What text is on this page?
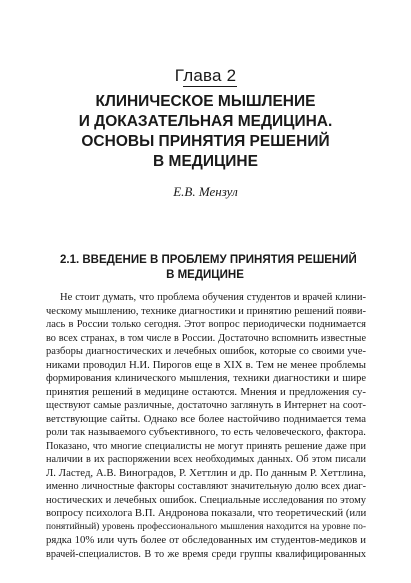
Глава 2
КЛИНИЧЕСКОЕ МЫШЛЕНИЕ
И ДОКАЗАТЕЛЬНАЯ МЕДИЦИНА.
ОСНОВЫ ПРИНЯТИЯ РЕШЕНИЙ
В МЕДИЦИНЕ
Е.В. Мензул
2.1. ВВЕДЕНИЕ В ПРОБЛЕМУ ПРИНЯТИЯ РЕШЕНИЙ
В МЕДИЦИНЕ
Не стоит думать, что проблема обучения студентов и врачей клини-
ческому мышлению, технике диагностики и принятию решений появи-
лась в России только сегодня. Этот вопрос периодически поднимается
во всех странах, в том числе в России. Достаточно вспомнить известные
разборы диагностических и лечебных ошибок, которые со своими уче-
никами проводил Н.И. Пирогов еще в XIX в. Тем не менее проблемы
формирования клинического мышления, техники диагностики и шире
принятия решений в медицине остаются. Мнения и предложения су-
ществуют самые различные, достаточно заглянуть в Интернет на соот-
ветствующие сайты. Однако все более настойчиво поднимается тема
роли так называемого субъективного, то есть человеческого, фактора.
Показано, что многие специалисты не могут принять решение даже при
наличии в их распоряжении всех необходимых данных. Об этом писали
Л. Ластед, А.В. Виноградов, Р. Хеттлин и др. По данным Р. Хеттлина,
именно личностные факторы составляют значительную долю всех диаг-
ностических и лечебных ошибок. Специальные исследования по этому
вопросу психолога В.П. Андронова показали, что теоретический (или
понятийный) уровень профессионального мышления находится на уровне по-
рядка 10% или чуть более от обследованных им студентов-медиков и
врачей-специалистов. В то же время среди группы квалифицированных
